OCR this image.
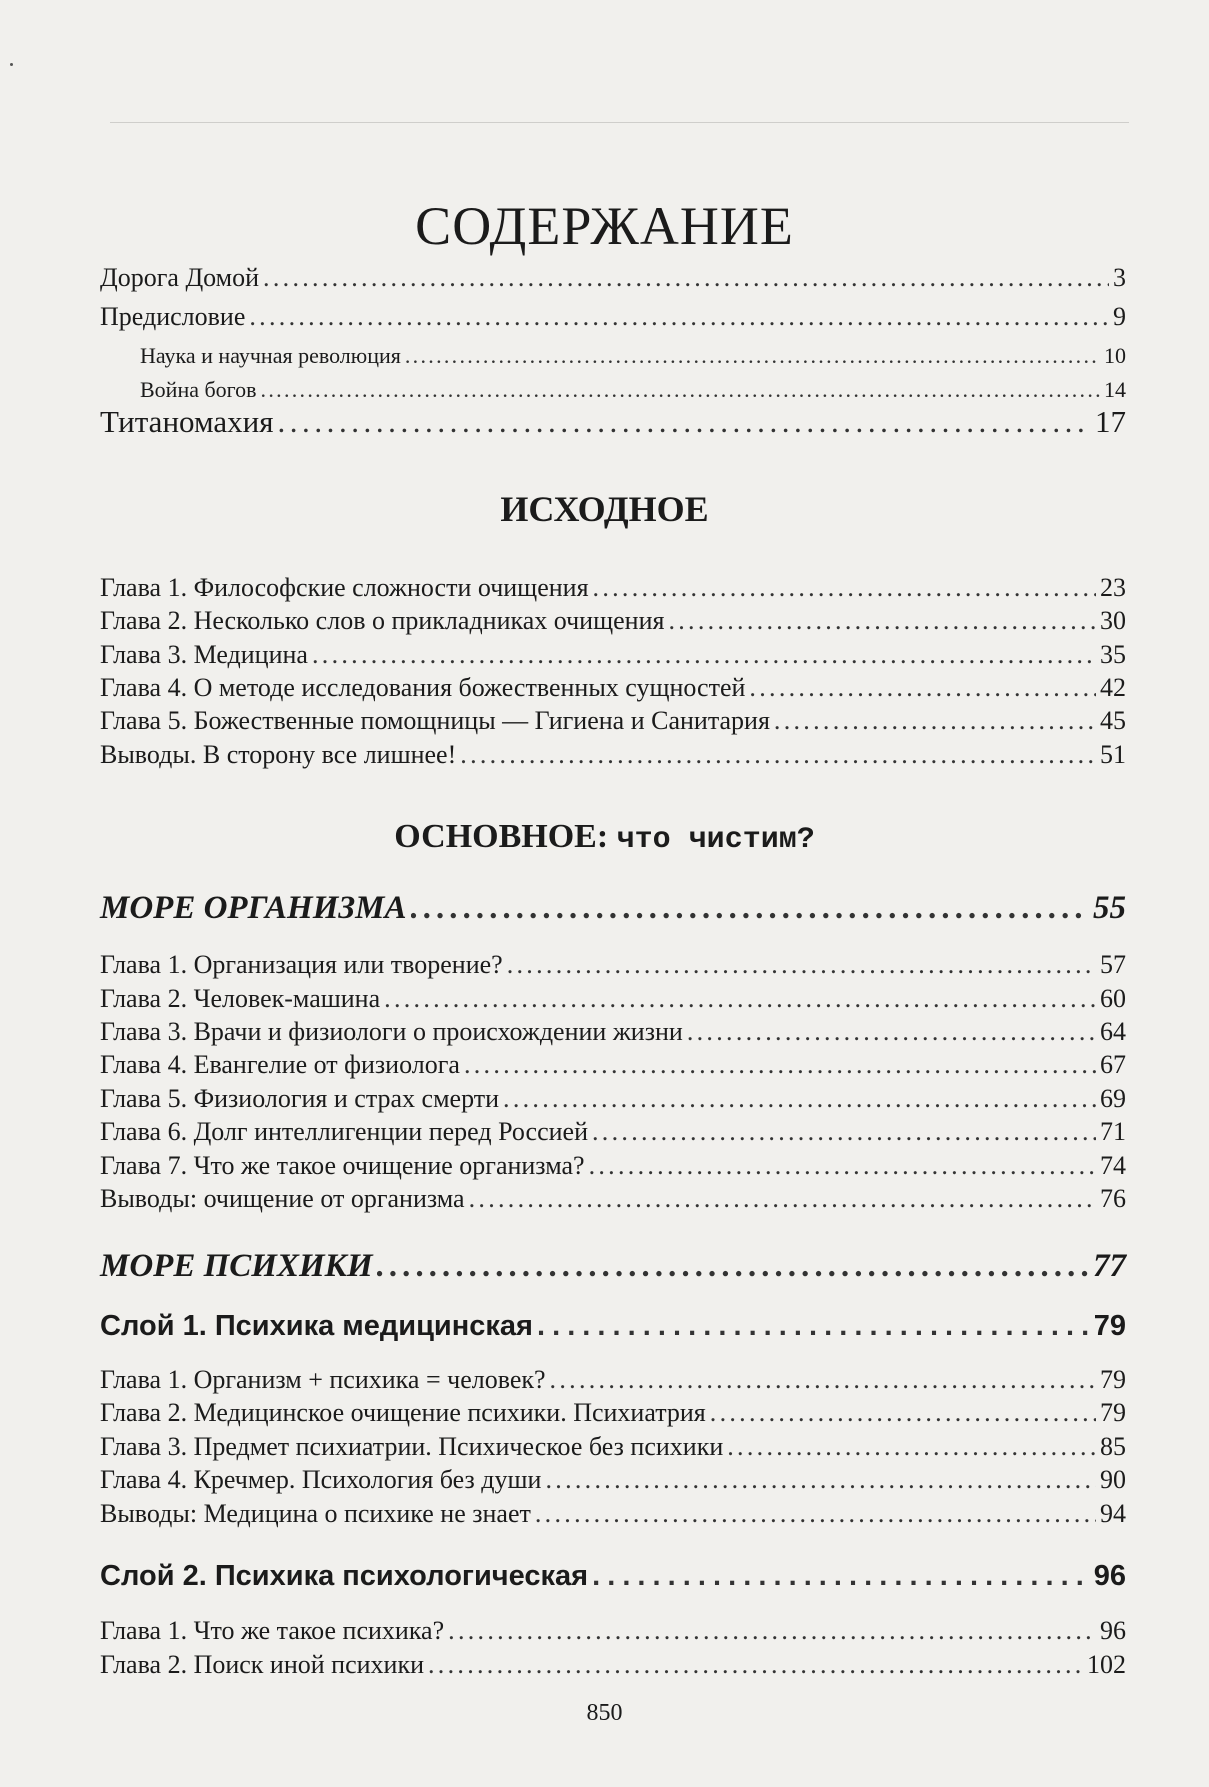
СОДЕРЖАНИЕ
Дорога Домой . . .	3
Предисловие . . .	9
Наука и научная революция . . .	10
Война богов . . .	14
Титаномахия . . .	17
ИСХОДНОЕ
Глава 1. Философские сложности очищения . . .	23
Глава 2. Несколько слов о прикладниках очищения . . .	30
Глава 3. Медицина . . .	35
Глава 4. О методе исследования божественных сущностей . . .	42
Глава 5. Божественные помощницы — Гигиена и Санитария . . .	45
Выводы. В сторону все лишнее! . . .	51
ОСНОВНОЕ: что чистим?
МОРЕ ОРГАНИЗМА . . .	55
Глава 1. Организация или творение? . . .	57
Глава 2. Человек-машина . . .	60
Глава 3. Врачи и физиологи о происхождении жизни . . .	64
Глава 4. Евангелие от физиолога . . .	67
Глава 5. Физиология и страх смерти . . .	69
Глава 6. Долг интеллигенции перед Россией . . .	71
Глава 7. Что же такое очищение организма? . . .	74
Выводы: очищение от организма . . .	76
МОРЕ ПСИХИКИ . . .	77
Слой 1. Психика медицинская . . .	79
Глава 1. Организм + психика = человек? . . .	79
Глава 2. Медицинское очищение психики. Психиатрия . . .	79
Глава 3. Предмет психиатрии. Психическое без психики . . .	85
Глава 4. Кречмер. Психология без души . . .	90
Выводы: Медицина о психике не знает . . .	94
Слой 2. Психика психологическая . . .	96
Глава 1. Что же такое психика? . . .	96
Глава 2. Поиск иной психики . . .	102
850
